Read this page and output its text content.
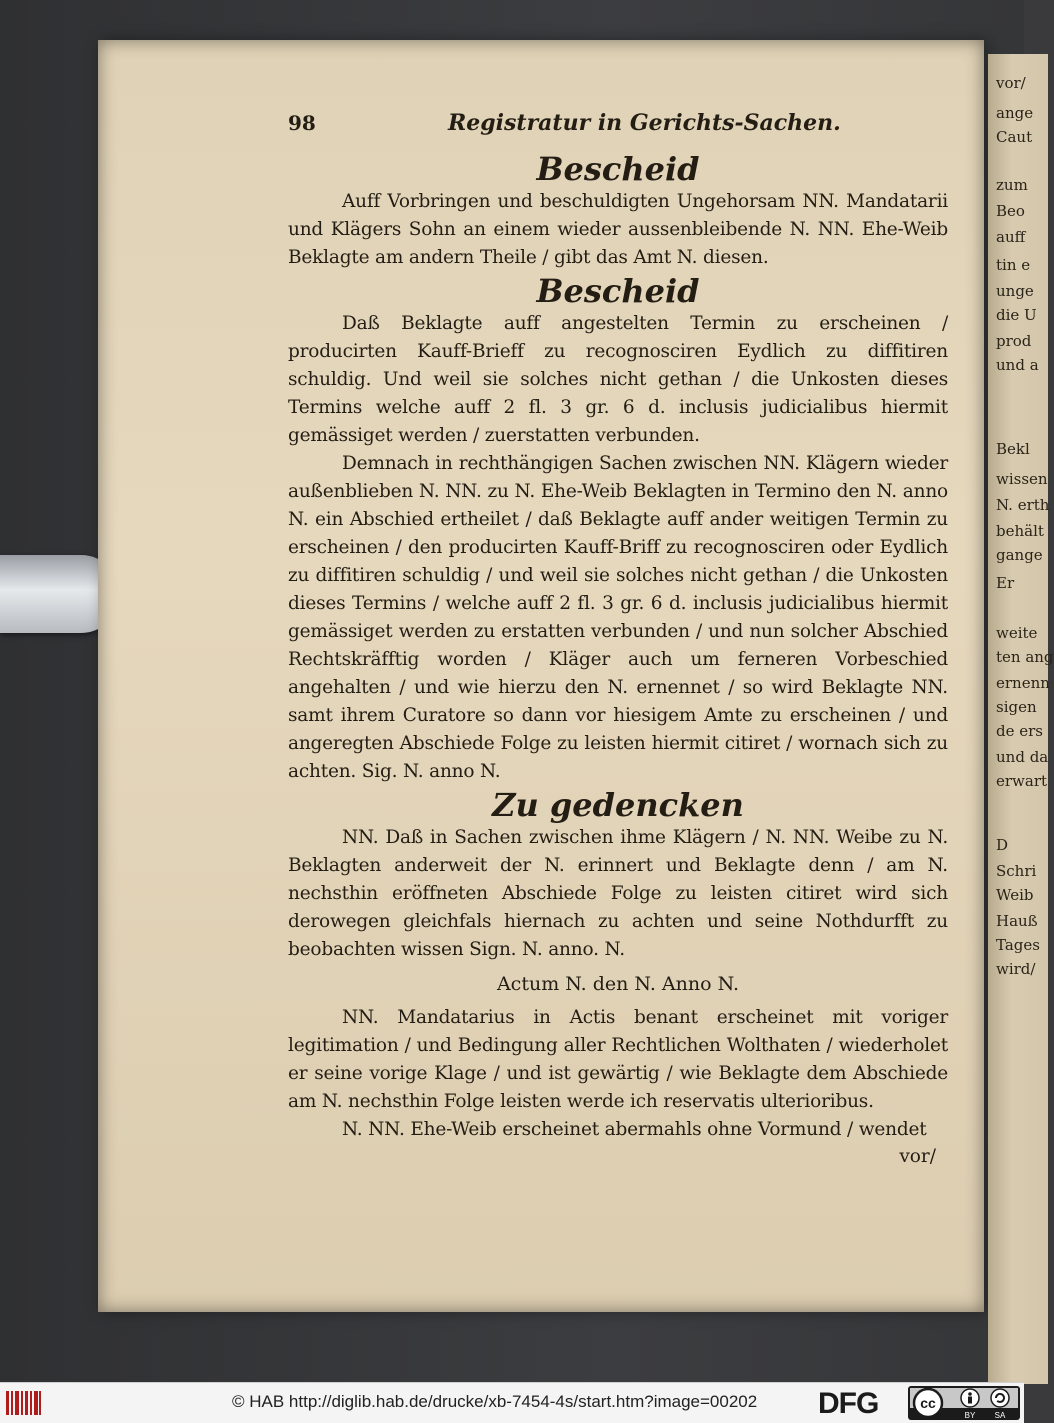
vor/
ange
Caut
zum
Beo
auff
tin e
unge
die U
prod
und a
Bekl
wissen
N. erth
behält
gange
Er
weite
ten ang
ernenn
sigen
de ers
und da
erwart
D
Schri
Weib
Hauß
Tages
wird/
98	Registratur in Gerichts-Sachen.
Bescheid

Auff Vorbringen und beschuldigten Ungehorsam NN. Mandatarii und Klägers Sohn an einem wieder aussenbleibende N. NN. Ehe-Weib Beklagte am andern Theile / gibt das Amt N. diesen.

Bescheid

Daß Beklagte auff angestelten Termin zu erscheinen / producirten Kauff-Brieff zu recognosciren Eydlich zu diffitiren schuldig. Und weil sie solches nicht gethan / die Unkosten dieses Termins welche auff 2 fl. 3 gr. 6 d. inclusis judicialibus hiermit gemässiget werden / zuerstatten verbunden.

Demnach in rechthängigen Sachen zwischen NN. Klägern wieder außenblieben N. NN. zu N. Ehe-Weib Beklagten in Termino den N. anno N. ein Abschied ertheilet / daß Beklagte auff ander weitigen Termin zu erscheinen / den producirten Kauff-Briff zu recognosciren oder Eydlich zu diffitiren schuldig / und weil sie solches nicht gethan / die Unkosten dieses Termins / welche auff 2 fl. 3 gr. 6 d. inclusis judicialibus hiermit gemässiget werden zu erstatten verbunden / und nun solcher Abschied Rechtskräfftig worden / Kläger auch um ferneren Vorbeschied angehalten / und wie hierzu den N. ernennet / so wird Beklagte NN. samt ihrem Curatore so dann vor hiesigem Amte zu erscheinen / und angeregten Abschiede Folge zu leisten hiermit citiret / wornach sich zu achten. Sig. N. anno N.

Zu gedencken

NN. Daß in Sachen zwischen ihme Klägern / N. NN. Weibe zu N. Beklagten anderweit der N. erinnert und Beklagte denn / am N. nechsthin eröffneten Abschiede Folge zu leisten citiret wird sich derowegen gleichfals hiernach zu achten und seine Nothdurfft zu beobachten wissen Sign. N. anno. N.

Actum N. den N. Anno N.

NN. Mandatarius in Actis benant erscheinet mit voriger legitimation / und Bedingung aller Rechtlichen Wolthaten / wiederholet er seine vorige Klage / und ist gewärtig / wie Beklagte dem Abschiede am N. nechsthin Folge leisten werde ich reservatis ulterioribus.

N. NN. Ehe-Weib erscheinet abermahls ohne Vormund / wendet

vor/

© HAB http://diglib.hab.de/drucke/xb-7454-4s/start.htm?image=00202 DFG	cc
BY SA
